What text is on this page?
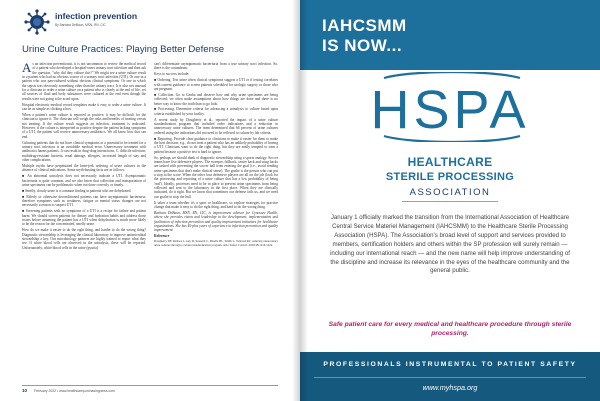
infection prevention
By Barbara DeBaun, MSN, RN, CIC
Urine Culture Practices: Playing Better Defense

As an infection preventionist, it is not uncommon to review the medical record of a patient who developed a hospital-onset urinary tract infection and then ask the question, "why did they culture this?" We might see a urine culture result in a patient who had no obvious source of a urinary tract infection (UTI). Or one in a patient who was pan-cultured without obvious clinical symptoms. Or one in which the sepsis was obviously something other than the urinary tract. It is also not unusual for a clinician to order a urine culture on a patient who is clearly at the end of life, yet all sources of fluid and body substances were cultured at the end even though the results were not going to be acted upon.

Hospital electronic medical record templates make it easy to order a urine culture. It can be as simple as clicking a box.

When a patient's urine culture is reported as positive, it may be difficult for the clinician to ignore it. The clinician will weigh the risks and benefits of treating versus not treating. If the culture result suggests an infection, treatment is indicated. However, if the culture is interpreted as positive despite the patient lacking symptoms of a UTI, the patient will receive unnecessary antibiotics. We all know how that can end.

Culturing patients that do not have clinical symptoms or a potential to be treated for a urinary tract infection is an avoidable medical error. Unnecessary treatment with antibiotics harms patients. It can result in drug-drug interactions, C. difficile infection, multidrug-resistant bacteria, renal damage, allergies, increased length of stay and other complications.

Multiple myths have perpetuated the knee-jerk ordering of urine cultures in the absence of clinical indications. Some myth-busting facts are as follows:

■ An abnormal urinalysis does not necessarily indicate a UTI. Asymptomatic bacteriuria is quite common, and we also know that collection and transportation of urine specimens can be problematic when not done correctly or timely.

■ Smelly, cloudy urine is a common finding in patients who are dehydrated.

■ Elderly or otherwise deconditioned patients can have asymptomatic bacteriuria, therefore symptoms such as weakness, fatigue or mental status changes are not necessarily a reason to suspect UTI.

■ Screening patients with no symptoms of a UTI is a recipe for failure and patient harm. We should screen patients for dietary and hydration habits and address those issues before assuming the patient has a UTI when dehydration is much more likely to be the reason for the concentrated, smelly urine.

How do we make it easier to do the right thing, and harder to do the wrong thing? Diagnostic stewardship is leveraging the clinical laboratory to improve antimicrobial stewardship a key. Our microbiology partners are highly trained to report what they see. If white blood cells are observed in the urinalysis, these will be reported. Unfortunately, white blood cells in the urine (pyuria)

can't differentiate asymptomatic bacteriuria from a true urinary tract infection. So, there is the conundrum.

Keys to success include:

■ Ordering. Test urine when clinical symptoms suggest a UTI or if testing correlates with current guidance to screen patients scheduled for urologic surgery or those who are pregnant.

■ Collection. Go to Genba and observe how and why urine specimens are being collected; we often make assumptions about how things are done and there is no better way to know the truth than to go look.

■ Processing. Determine criteria for advancing a urinalysis to culture based upon criteria established by your facility.

A recent study by Dougherty et al., reported the impact of a urine culture standardization program that included order indications and a reduction in unnecessary urine cultures. The team determined that 66 percent of urine cultures ordered using the indications did not need to be reflexed to culture by lab criteria.

■ Reporting. Provide clear guidance to clinicians to make it easier for them to make the best decision, e.g., do not treat a patient who has an unlikely probability of having a UTI. Clinicians want to do the right thing, but they are easily tempted to treat a patient because a positive test is hard to ignore.

So, perhaps we should think of diagnostic stewardship using a sports analogy. Soccer teams have five defensive players. The sweeper, fullback, center back and wing backs are tasked with preventing the soccer ball from entering the goal (i.e., avoid sending urine specimens that don't make clinical sense). The goalie is the person who can put a stop to the score. When the other four defensive players are all on the job (look for the processing and reporting of a urine culture that has a low probability of being 'real'). Ideally, processes need to be in place to prevent urine specimens from being collected and sent to the laboratory in the first place. When they are clinically indicated, do it right. But we know that sometimes our defense fails us, and we need our goalie to stop the ball.

It takes a team whether it's a sport or healthcare, so explore strategies for practice change that make it easy to do the right thing, and hard to do the wrong thing.

Barbara DeBaun, MSN, RN, CIC, is improvement advisor for Cynosure Health, where she provides vision and leadership in the development, implementation and facilitation of infection prevention and quality improvement initiatives for healthcare organizations. She has 40-plus years of experience in infection prevention and quality improvement.

Reference

Dougherty DF, Rickwa J, Guy D, Kesserli C, Muelle BL, Smith L. Tailored Rx: reducing unnecessary urine cultures through a culture standardization program. Am J Infect Control. 2020;48:1416-1422.

10 February 2022 • www.healthcarepurchasingnews.com
IAHCSMM
IS NOW...
HSPA
HEALTHCARE
STERILE PROCESSING
ASSOCIATION
January 1 officially marked the transition from the International Association of Healthcare Central Service Materiel Management (IAHCSMM) to the Healthcare Sterile Processing Association (HSPA). The Association's broad level of support and services provided to members, certification holders and others within the SP profession will surely remain — including our international reach — and the new name will help improve understanding of the discipline and increase its relevance in the eyes of the healthcare community and the general public.
Safe patient care for every medical and healthcare procedure through sterile processing.
PROFESSIONALS INSTRUMENTAL TO PATIENT SAFETY
www.myhspa.org
